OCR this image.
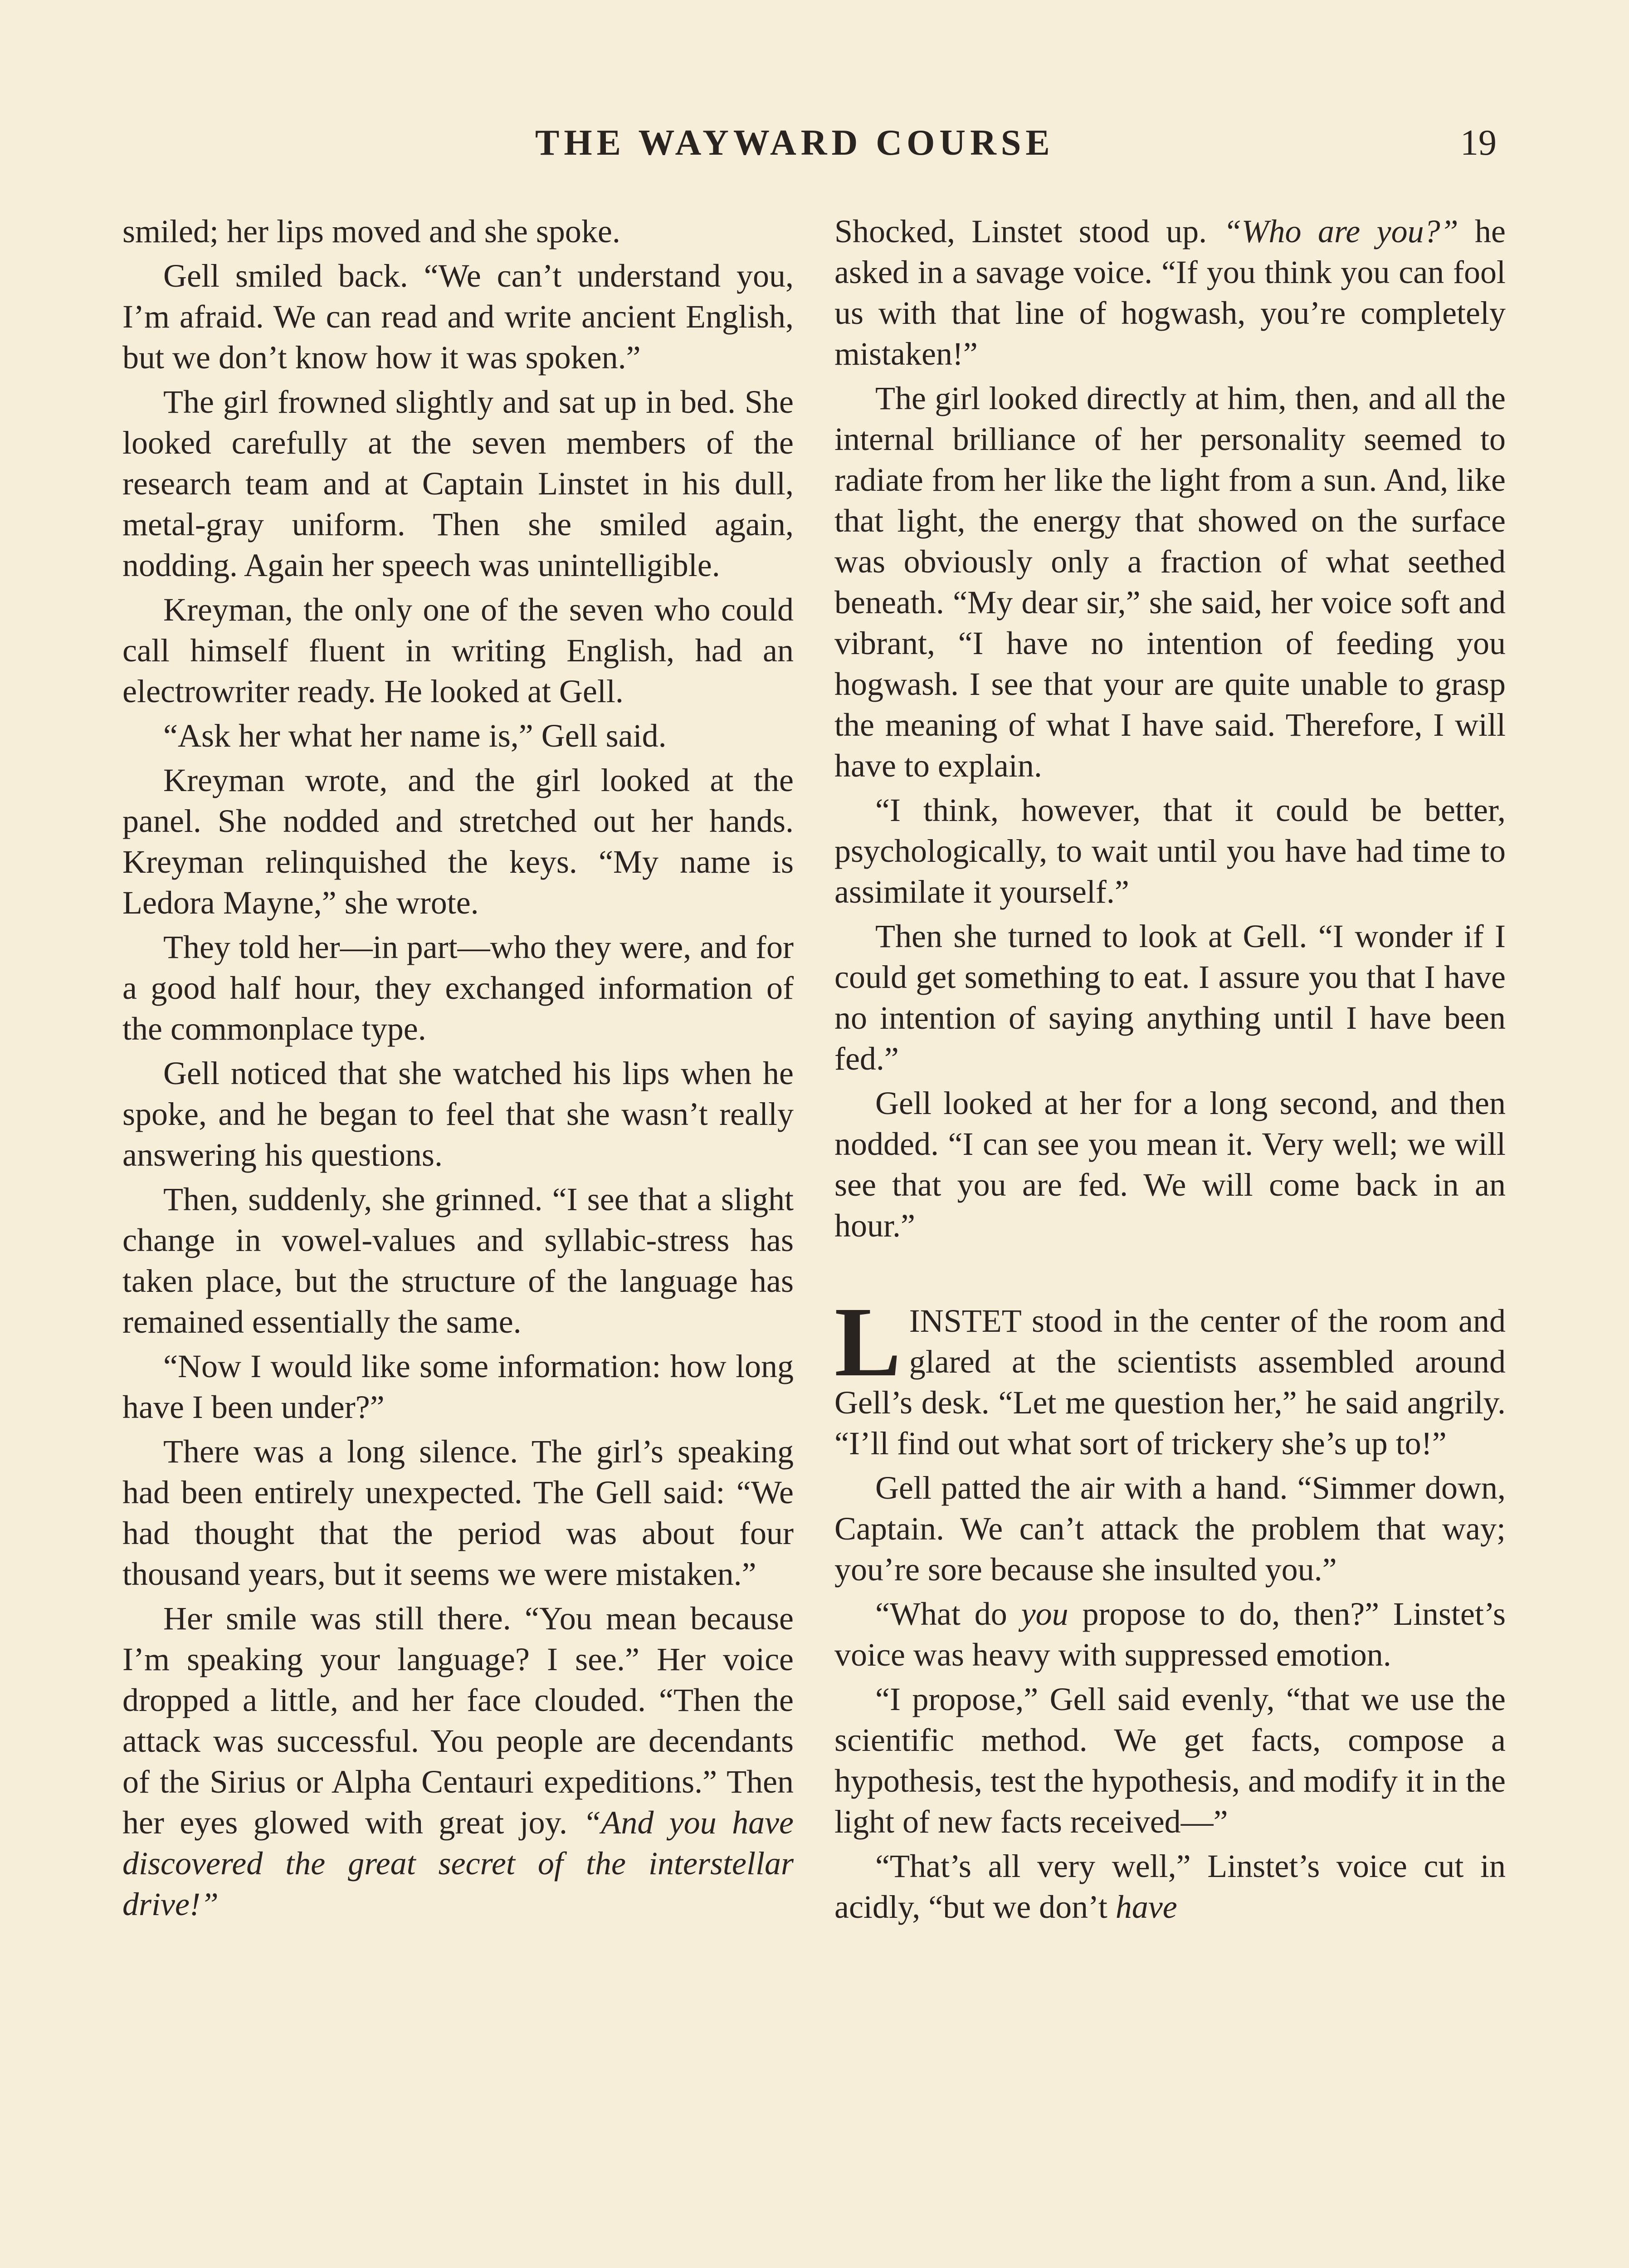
THE WAYWARD COURSE	19

smiled; her lips moved and she spoke.

Gell smiled back. “We can’t understand you, I’m afraid. We can read and write ancient English, but we don’t know how it was spoken.”

The girl frowned slightly and sat up in bed. She looked carefully at the seven members of the research team and at Captain Linstet in his dull, metal-gray uniform. Then she smiled again, nodding. Again her speech was unintelligible.

Kreyman, the only one of the seven who could call himself fluent in writing English, had an electrowriter ready. He looked at Gell.

“Ask her what her name is,” Gell said.

Kreyman wrote, and the girl looked at the panel. She nodded and stretched out her hands. Kreyman relinquished the keys. “My name is Ledora Mayne,” she wrote.

They told her—in part—who they were, and for a good half hour, they exchanged information of the commonplace type.

Gell noticed that she watched his lips when he spoke, and he began to feel that she wasn’t really answering his questions.

Then, suddenly, she grinned. “I see that a slight change in vowel-values and syllabic-stress has taken place, but the structure of the language has remained essentially the same.

“Now I would like some information: how long have I been under?”

There was a long silence. The girl’s speaking had been entirely unexpected. The Gell said: “We had thought that the period was about four thousand years, but it seems we were mistaken.”

Her smile was still there. “You mean because I’m speaking your language? I see.” Her voice dropped a little, and her face clouded. “Then the attack was successful. You people are decendants of the Sirius or Alpha Centauri expeditions.” Then her eyes glowed with great joy. “And you have discovered the great secret of the interstellar drive!”

Shocked, Linstet stood up. “Who are you?” he asked in a savage voice. “If you think you can fool us with that line of hogwash, you’re completely mistaken!”

The girl looked directly at him, then, and all the internal brilliance of her personality seemed to radiate from her like the light from a sun. And, like that light, the energy that showed on the surface was obviously only a fraction of what seethed beneath. “My dear sir,” she said, her voice soft and vibrant, “I have no intention of feeding you hogwash. I see that your are quite unable to grasp the meaning of what I have said. Therefore, I will have to explain.

“I think, however, that it could be better, psychologically, to wait until you have had time to assimilate it yourself.”

Then she turned to look at Gell. “I wonder if I could get something to eat. I assure you that I have no intention of saying anything until I have been fed.”

Gell looked at her for a long second, and then nodded. “I can see you mean it. Very well; we will see that you are fed. We will come back in an hour.”

LINSTET stood in the center of the room and glared at the scientists assembled around Gell’s desk. “Let me question her,” he said angrily. “I’ll find out what sort of trickery she’s up to!”

Gell patted the air with a hand. “Simmer down, Captain. We can’t attack the problem that way; you’re sore because she insulted you.”

“What do you propose to do, then?” Linstet’s voice was heavy with suppressed emotion.

“I propose,” Gell said evenly, “that we use the scientific method. We get facts, compose a hypothesis, test the hypothesis, and modify it in the light of new facts received—”

“That’s all very well,” Linstet’s voice cut in acidly, “but we don’t have
